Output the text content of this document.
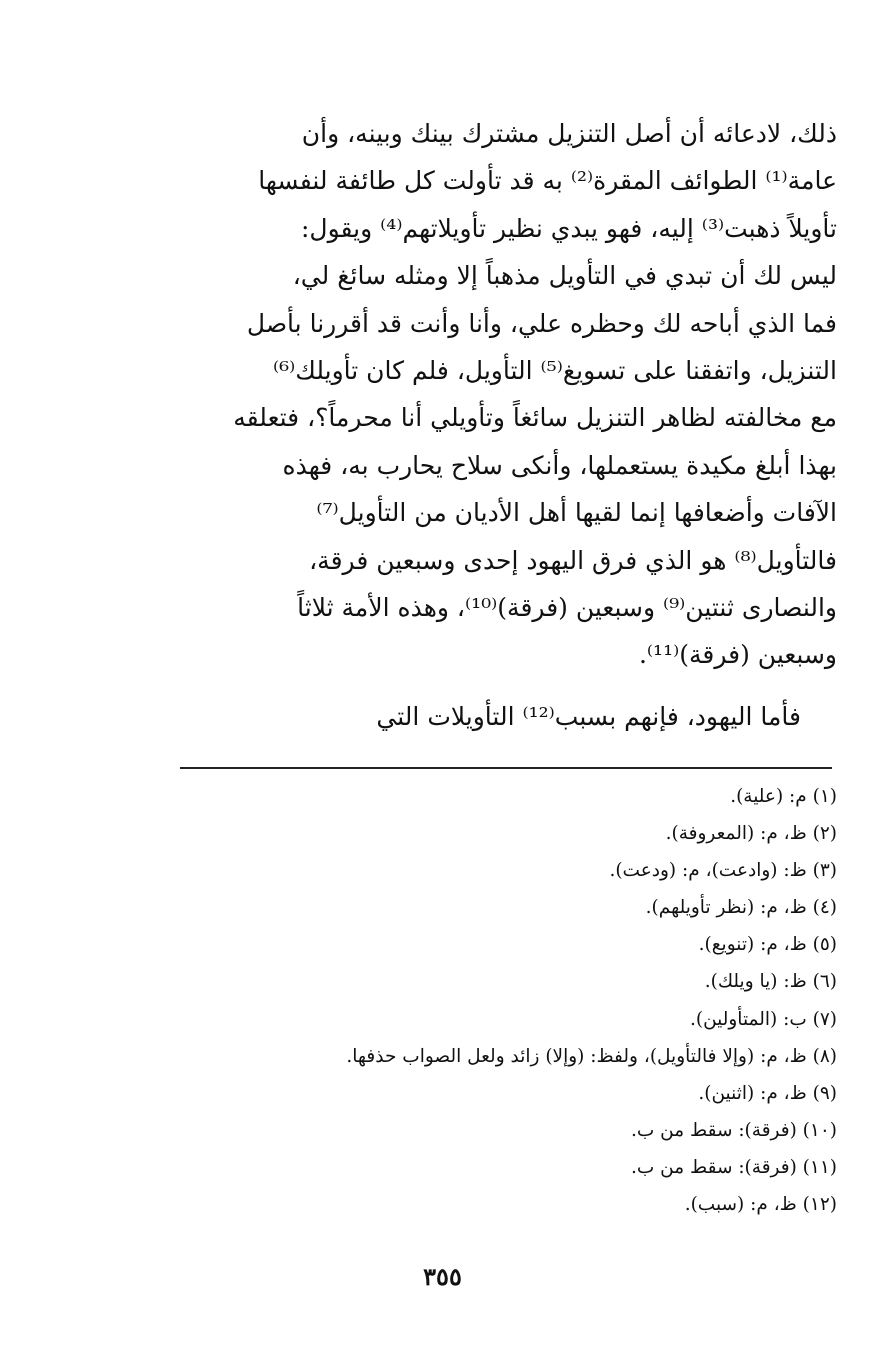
ذلك، لادعائه أن أصل التنزيل مشترك بينك وبينه، وأن
عامة⁽¹⁾ الطوائف المقرة⁽²⁾ به قد تأولت كل طائفة لنفسها
تأويلاً ذهبت⁽³⁾ إليه، فهو يبدي نظير تأويلاتهم⁽⁴⁾ ويقول:
ليس لك أن تبدي في التأويل مذهباً إلا ومثله سائغ لي،
فما الذي أباحه لك وحظره علي، وأنا وأنت قد أقررنا بأصل
التنزيل، واتفقنا على تسويغ⁽⁵⁾ التأويل، فلم كان تأويلك⁽⁶⁾
مع مخالفته لظاهر التنزيل سائغاً وتأويلي أنا محرماً؟، فتعلقه
بهذا أبلغ مكيدة يستعملها، وأنكى سلاح يحارب به، فهذه
الآفات وأضعافها إنما لقيها أهل الأديان من التأويل⁽⁷⁾
فالتأويل⁽⁸⁾ هو الذي فرق اليهود إحدى وسبعين فرقة،
والنصارى ثنتين⁽⁹⁾ وسبعين (فرقة)⁽¹⁰⁾، وهذه الأمة ثلاثاً
وسبعين (فرقة)⁽¹¹⁾.
فأما اليهود، فإنهم بسبب⁽¹²⁾ التأويلات التي
(١) م: (علية).
(٢) ظ، م: (المعروفة).
(٣) ظ: (وادعت)، م: (ودعت).
(٤) ظ، م: (نظر تأويلهم).
(٥) ظ، م: (تنويع).
(٦) ظ: (يا ويلك).
(٧) ب: (المتأولين).
(٨) ظ، م: (وإلا فالتأويل)، ولفظ: (وإلا) زائد ولعل الصواب حذفها.
(٩) ظ، م: (اثنين).
(١٠) (فرقة): سقط من ب.
(١١) (فرقة): سقط من ب.
(١٢) ظ، م: (سبب).
٣٥٥
